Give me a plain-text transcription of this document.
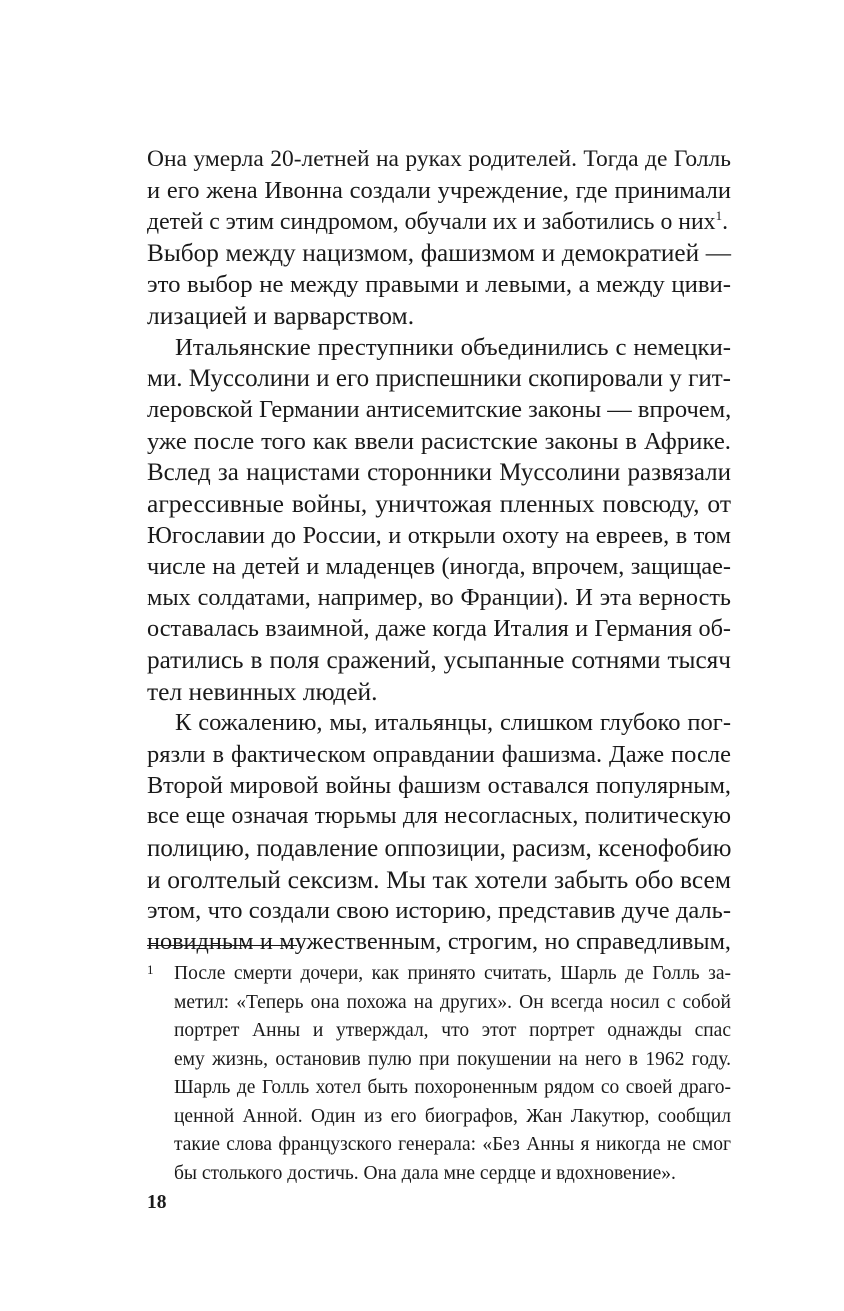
Она умерла 20-летней на руках родителей. Тогда де Голль
и его жена Ивонна создали учреждение, где принимали
детей с этим синдромом, обучали их и заботились о них$^1$.
Выбор между нацизмом, фашизмом и демократией —
это выбор не между правыми и левыми, а между циви-
лизацией и варварством.
Итальянские преступники объединились с немецки-
ми. Муссолини и его приспешники скопировали у гит-
леровской Германии антисемитские законы — впрочем,
уже после того как ввели расистские законы в Африке.
Вслед за нацистами сторонники Муссолини развязали
агрессивные войны, уничтожая пленных повсюду, от
Югославии до России, и открыли охоту на евреев, в том
числе на детей и младенцев (иногда, впрочем, защищае-
мых солдатами, например, во Франции). И эта верность
оставалась взаимной, даже когда Италия и Германия об-
ратились в поля сражений, усыпанные сотнями тысяч
тел невинных людей.
К сожалению, мы, итальянцы, слишком глубоко пог-
рязли в фактическом оправдании фашизма. Даже после
Второй мировой войны фашизм оставался популярным,
все еще означая тюрьмы для несогласных, политическую
полицию, подавление оппозиции, расизм, ксенофобию
и оголтелый сексизм. Мы так хотели забыть обо всем
этом, что создали свою историю, представив дуче даль-
новидным и мужественным, строгим, но справедливым,
1 После смерти дочери, как принято считать, Шарль де Голль за-
метил: «Теперь она похожа на других». Он всегда носил с собой
портрет Анны и утверждал, что этот портрет однажды спас
ему жизнь, остановив пулю при покушении на него в 1962 году.
Шарль де Голль хотел быть похороненным рядом со своей драго-
ценной Анной. Один из его биографов, Жан Лакутюр, сообщил
такие слова французского генерала: «Без Анны я никогда не смог
бы столького достичь. Она дала мне сердце и вдохновение».
18
